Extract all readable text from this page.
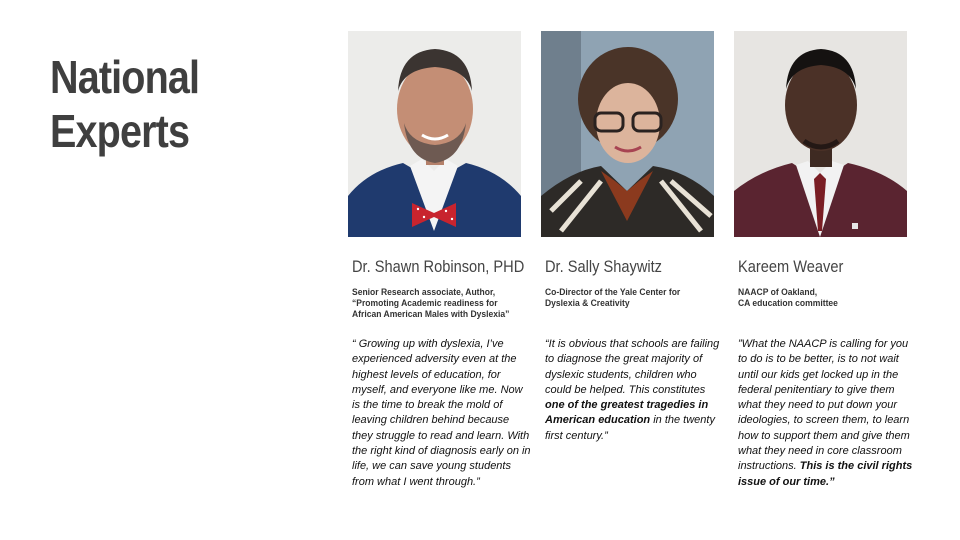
National
Experts
Dr. Shawn Robinson, PHD
Senior Research associate, Author,
“Promoting Academic readiness for
African American Males with Dyslexia”
“ Growing up with dyslexia, I’ve experienced adversity even at the highest levels of education, for myself, and everyone like me. Now is the time to break the mold of leaving children behind because they struggle to read and learn. With the right kind of diagnosis early on in life, we can save young students from what I went through.”
Dr. Sally Shaywitz
Co-Director of the Yale Center for
Dyslexia & Creativity
“It is obvious that schools are failing to diagnose the great majority of dyslexic students, children who could be helped. This constitutes one of the greatest tragedies in American education in the twenty first century.”
Kareem Weaver
NAACP of Oakland,
CA education committee
”What the NAACP is calling for you to do is to be better, is to not wait until our kids get locked up in the federal penitentiary to give them what they need to put down your ideologies, to screen them, to learn how to support them and give them what they need in core classroom instructions. This is the civil rights issue of our time.”
